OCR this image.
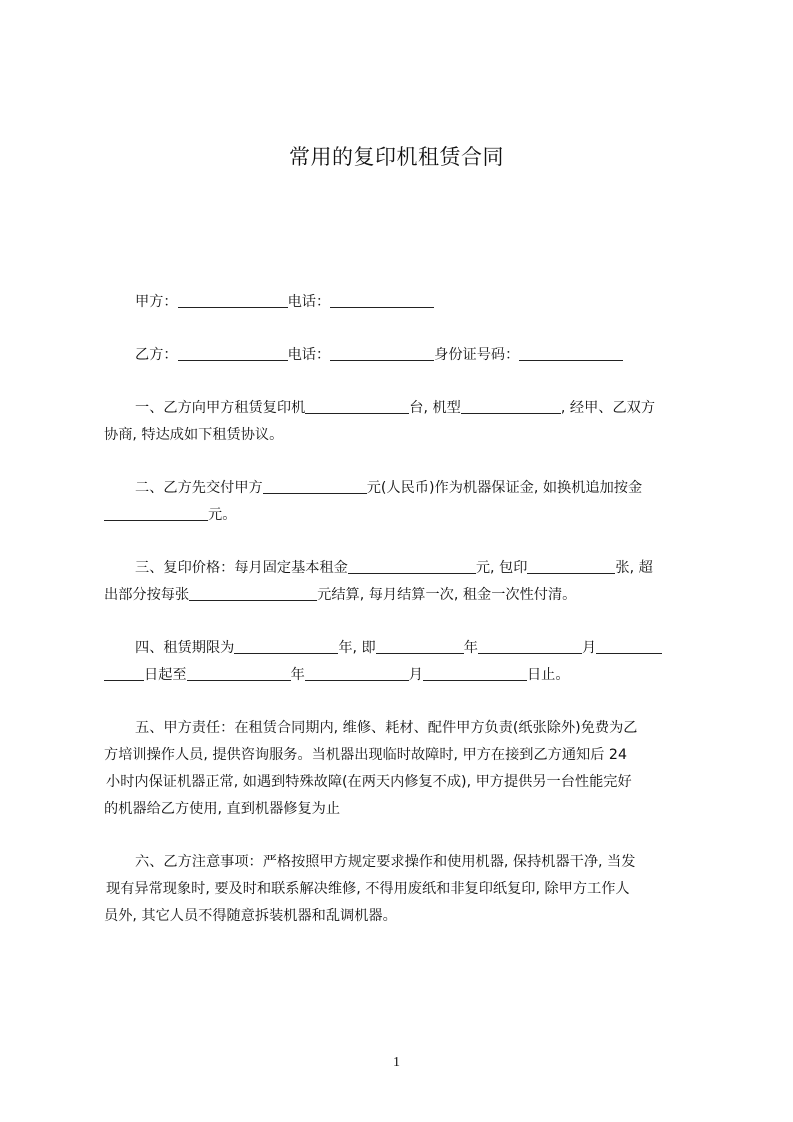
常用的复印机租赁合同
甲方：	电话：
乙方：	电话：	身份证号码：
一、乙方向甲方租赁复印机	台, 机型	, 经甲、乙双方
协商, 特达成如下租赁协议。
二、乙方先交付甲方	元(人民币)作为机器保证金, 如换机追加按金
元。
三、复印价格：每月固定基本租金	元, 包印	张, 超
出部分按每张	元结算, 每月结算一次, 租金一次性付清。
四、租赁期限为	年, 即	年	月
日起至	年	月	日止。
五、甲方责任：在租赁合同期内, 维修、耗材、配件甲方负责(纸张除外)免费为乙
方培训操作人员, 提供咨询服务。当机器出现临时故障时, 甲方在接到乙方通知后 24
小时内保证机器正常, 如遇到特殊故障(在两天内修复不成), 甲方提供另一台性能完好
的机器给乙方使用, 直到机器修复为止
六、乙方注意事项：严格按照甲方规定要求操作和使用机器, 保持机器干净, 当发
现有异常现象时, 要及时和联系解决维修, 不得用废纸和非复印纸复印, 除甲方工作人
员外, 其它人员不得随意拆装机器和乱调机器。
1
